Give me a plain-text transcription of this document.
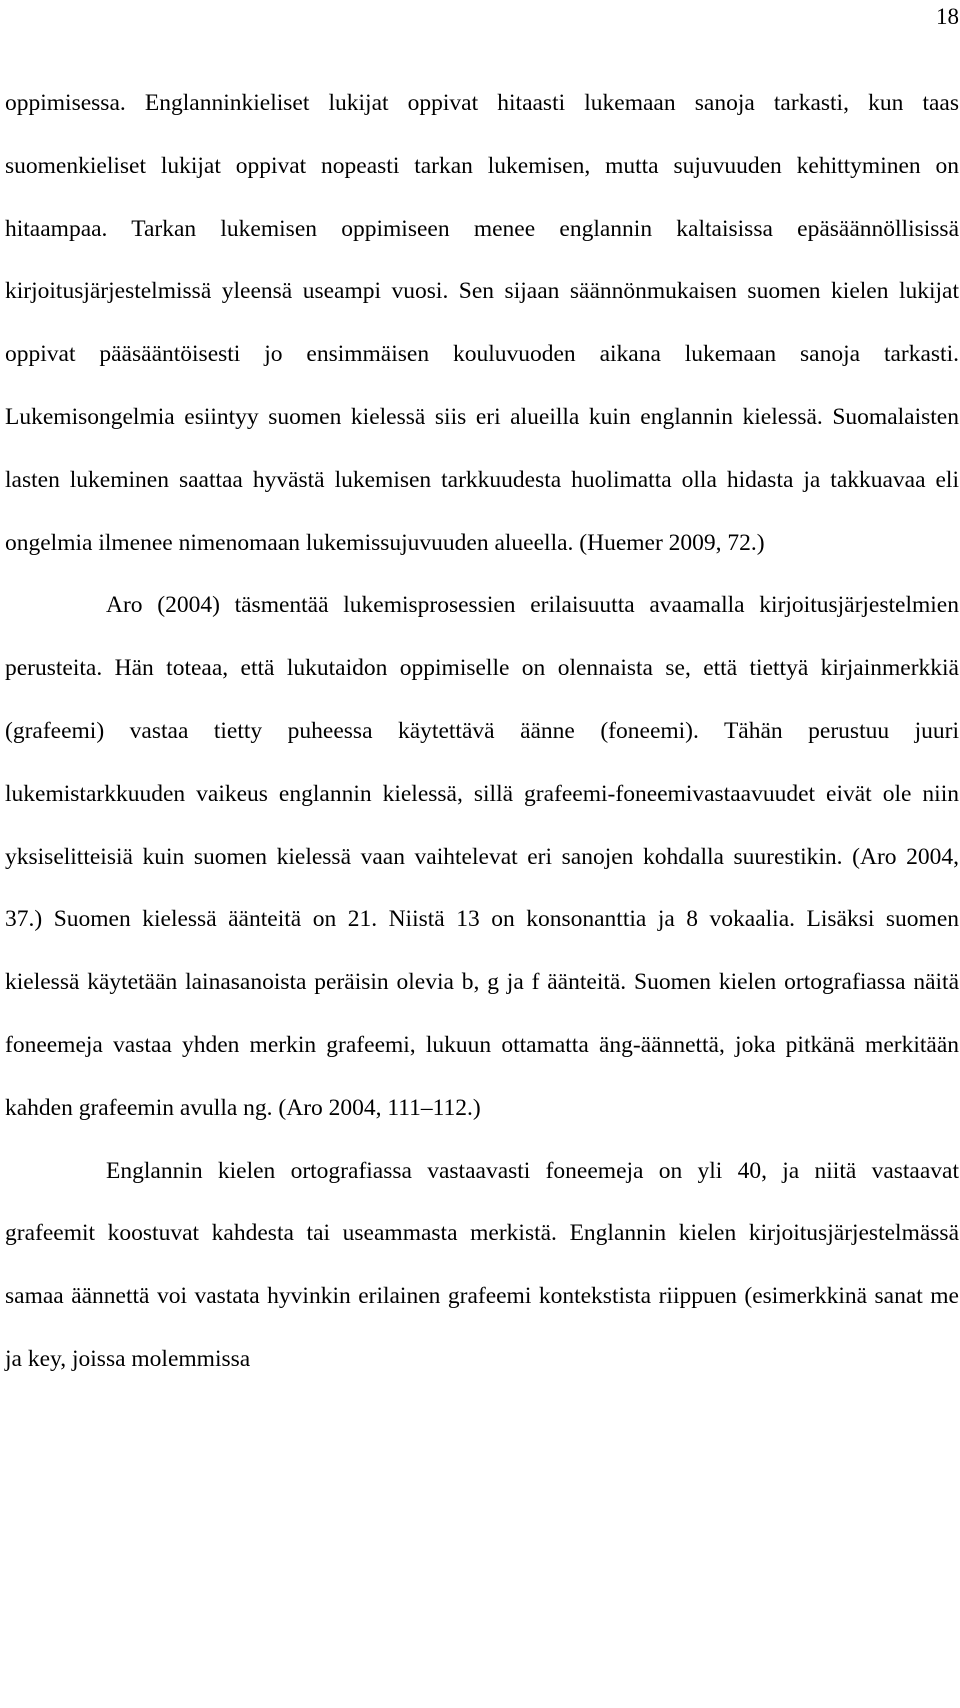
18

oppimisessa. Englanninkieliset lukijat oppivat hitaasti lukemaan sanoja tarkasti, kun taas suomenkieliset lukijat oppivat nopeasti tarkan lukemisen, mutta sujuvuuden kehittyminen on hitaampaa. Tarkan lukemisen oppimiseen menee englannin kaltaisissa epäsäännöllisissä kirjoitusjärjestelmissä yleensä useampi vuosi. Sen sijaan säännönmukaisen suomen kielen lukijat oppivat pääsääntöisesti jo ensimmäisen kouluvuoden aikana lukemaan sanoja tarkasti. Lukemisongelmia esiintyy suomen kielessä siis eri alueilla kuin englannin kielessä. Suomalaisten lasten lukeminen saattaa hyvästä lukemisen tarkkuudesta huolimatta olla hidasta ja takkuavaa eli ongelmia ilmenee nimenomaan lukemissujuvuuden alueella. (Huemer 2009, 72.)

Aro (2004) täsmentää lukemisprosessien erilaisuutta avaamalla kirjoitusjärjestelmien perusteita. Hän toteaa, että lukutaidon oppimiselle on olennaista se, että tiettyä kirjainmerkkiä (grafeemi) vastaa tietty puheessa käytettävä äänne (foneemi). Tähän perustuu juuri lukemistarkkuuden vaikeus englannin kielessä, sillä grafeemi-foneemivastaavuudet eivät ole niin yksiselitteisiä kuin suomen kielessä vaan vaihtelevat eri sanojen kohdalla suurestikin. (Aro 2004, 37.) Suomen kielessä äänteitä on 21. Niistä 13 on konsonanttia ja 8 vokaalia. Lisäksi suomen kielessä käytetään lainasanoista peräisin olevia b, g ja f äänteitä. Suomen kielen ortografiassa näitä foneemeja vastaa yhden merkin grafeemi, lukuun ottamatta äng-äännettä, joka pitkänä merkitään kahden grafeemin avulla ng. (Aro 2004, 111–112.)

Englannin kielen ortografiassa vastaavasti foneemeja on yli 40, ja niitä vastaavat grafeemit koostuvat kahdesta tai useammasta merkistä. Englannin kielen kirjoitusjärjestelmässä samaa äännettä voi vastata hyvinkin erilainen grafeemi kontekstista riippuen (esimerkkinä sanat me ja key, joissa molemmissa
